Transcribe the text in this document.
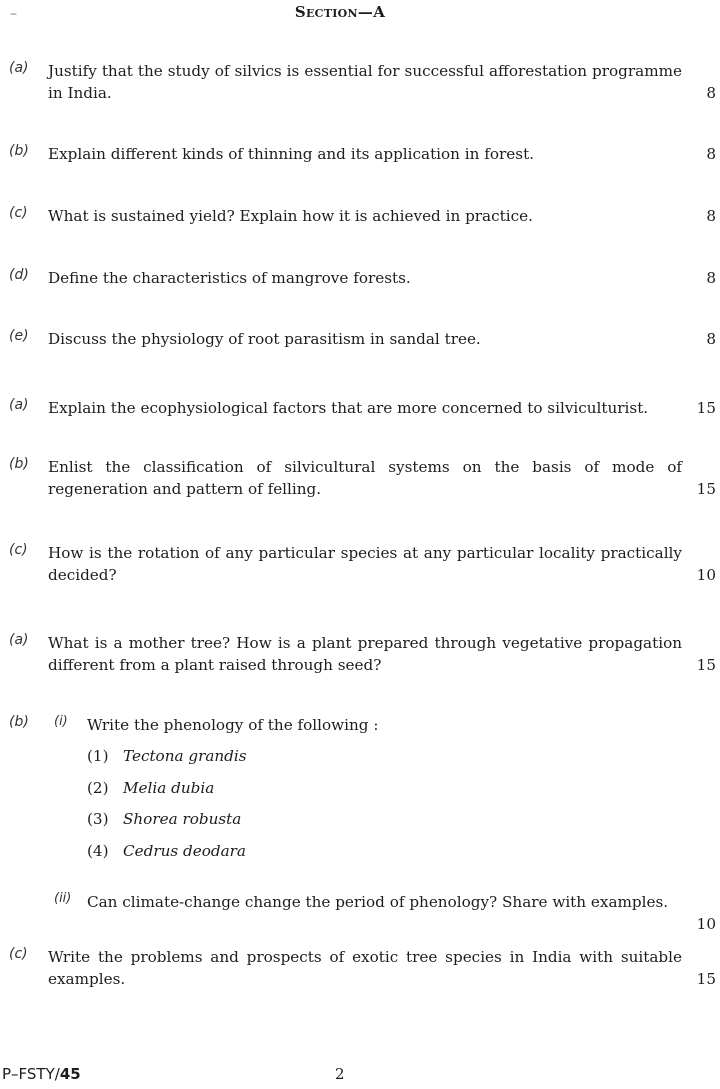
–	Section—A
(a) Justify that the study of silvics is essential for successful afforestation programme in India.	8
(b) Explain different kinds of thinning and its application in forest.	8
(c) What is sustained yield? Explain how it is achieved in practice.	8
(d) Define the characteristics of mangrove forests.	8
(e) Discuss the physiology of root parasitism in sandal tree.	8
(a) Explain the ecophysiological factors that are more concerned to silviculturist.	15
(b) Enlist the classification of silvicultural systems on the basis of mode of regeneration and pattern of felling.	15
(c) How is the rotation of any particular species at any particular locality practically decided?	10
(a) What is a mother tree? How is a plant prepared through vegetative propagation different from a plant raised through seed?	15
(b) (i) Write the phenology of the following :
(1) Tectona grandis
(2) Melia dubia
(3) Shorea robusta
(4) Cedrus deodara
(ii) Can climate-change change the period of phenology? Share with examples.
10
(c) Write the problems and prospects of exotic tree species in India with suitable examples.	15
P–FSTY/45	2
